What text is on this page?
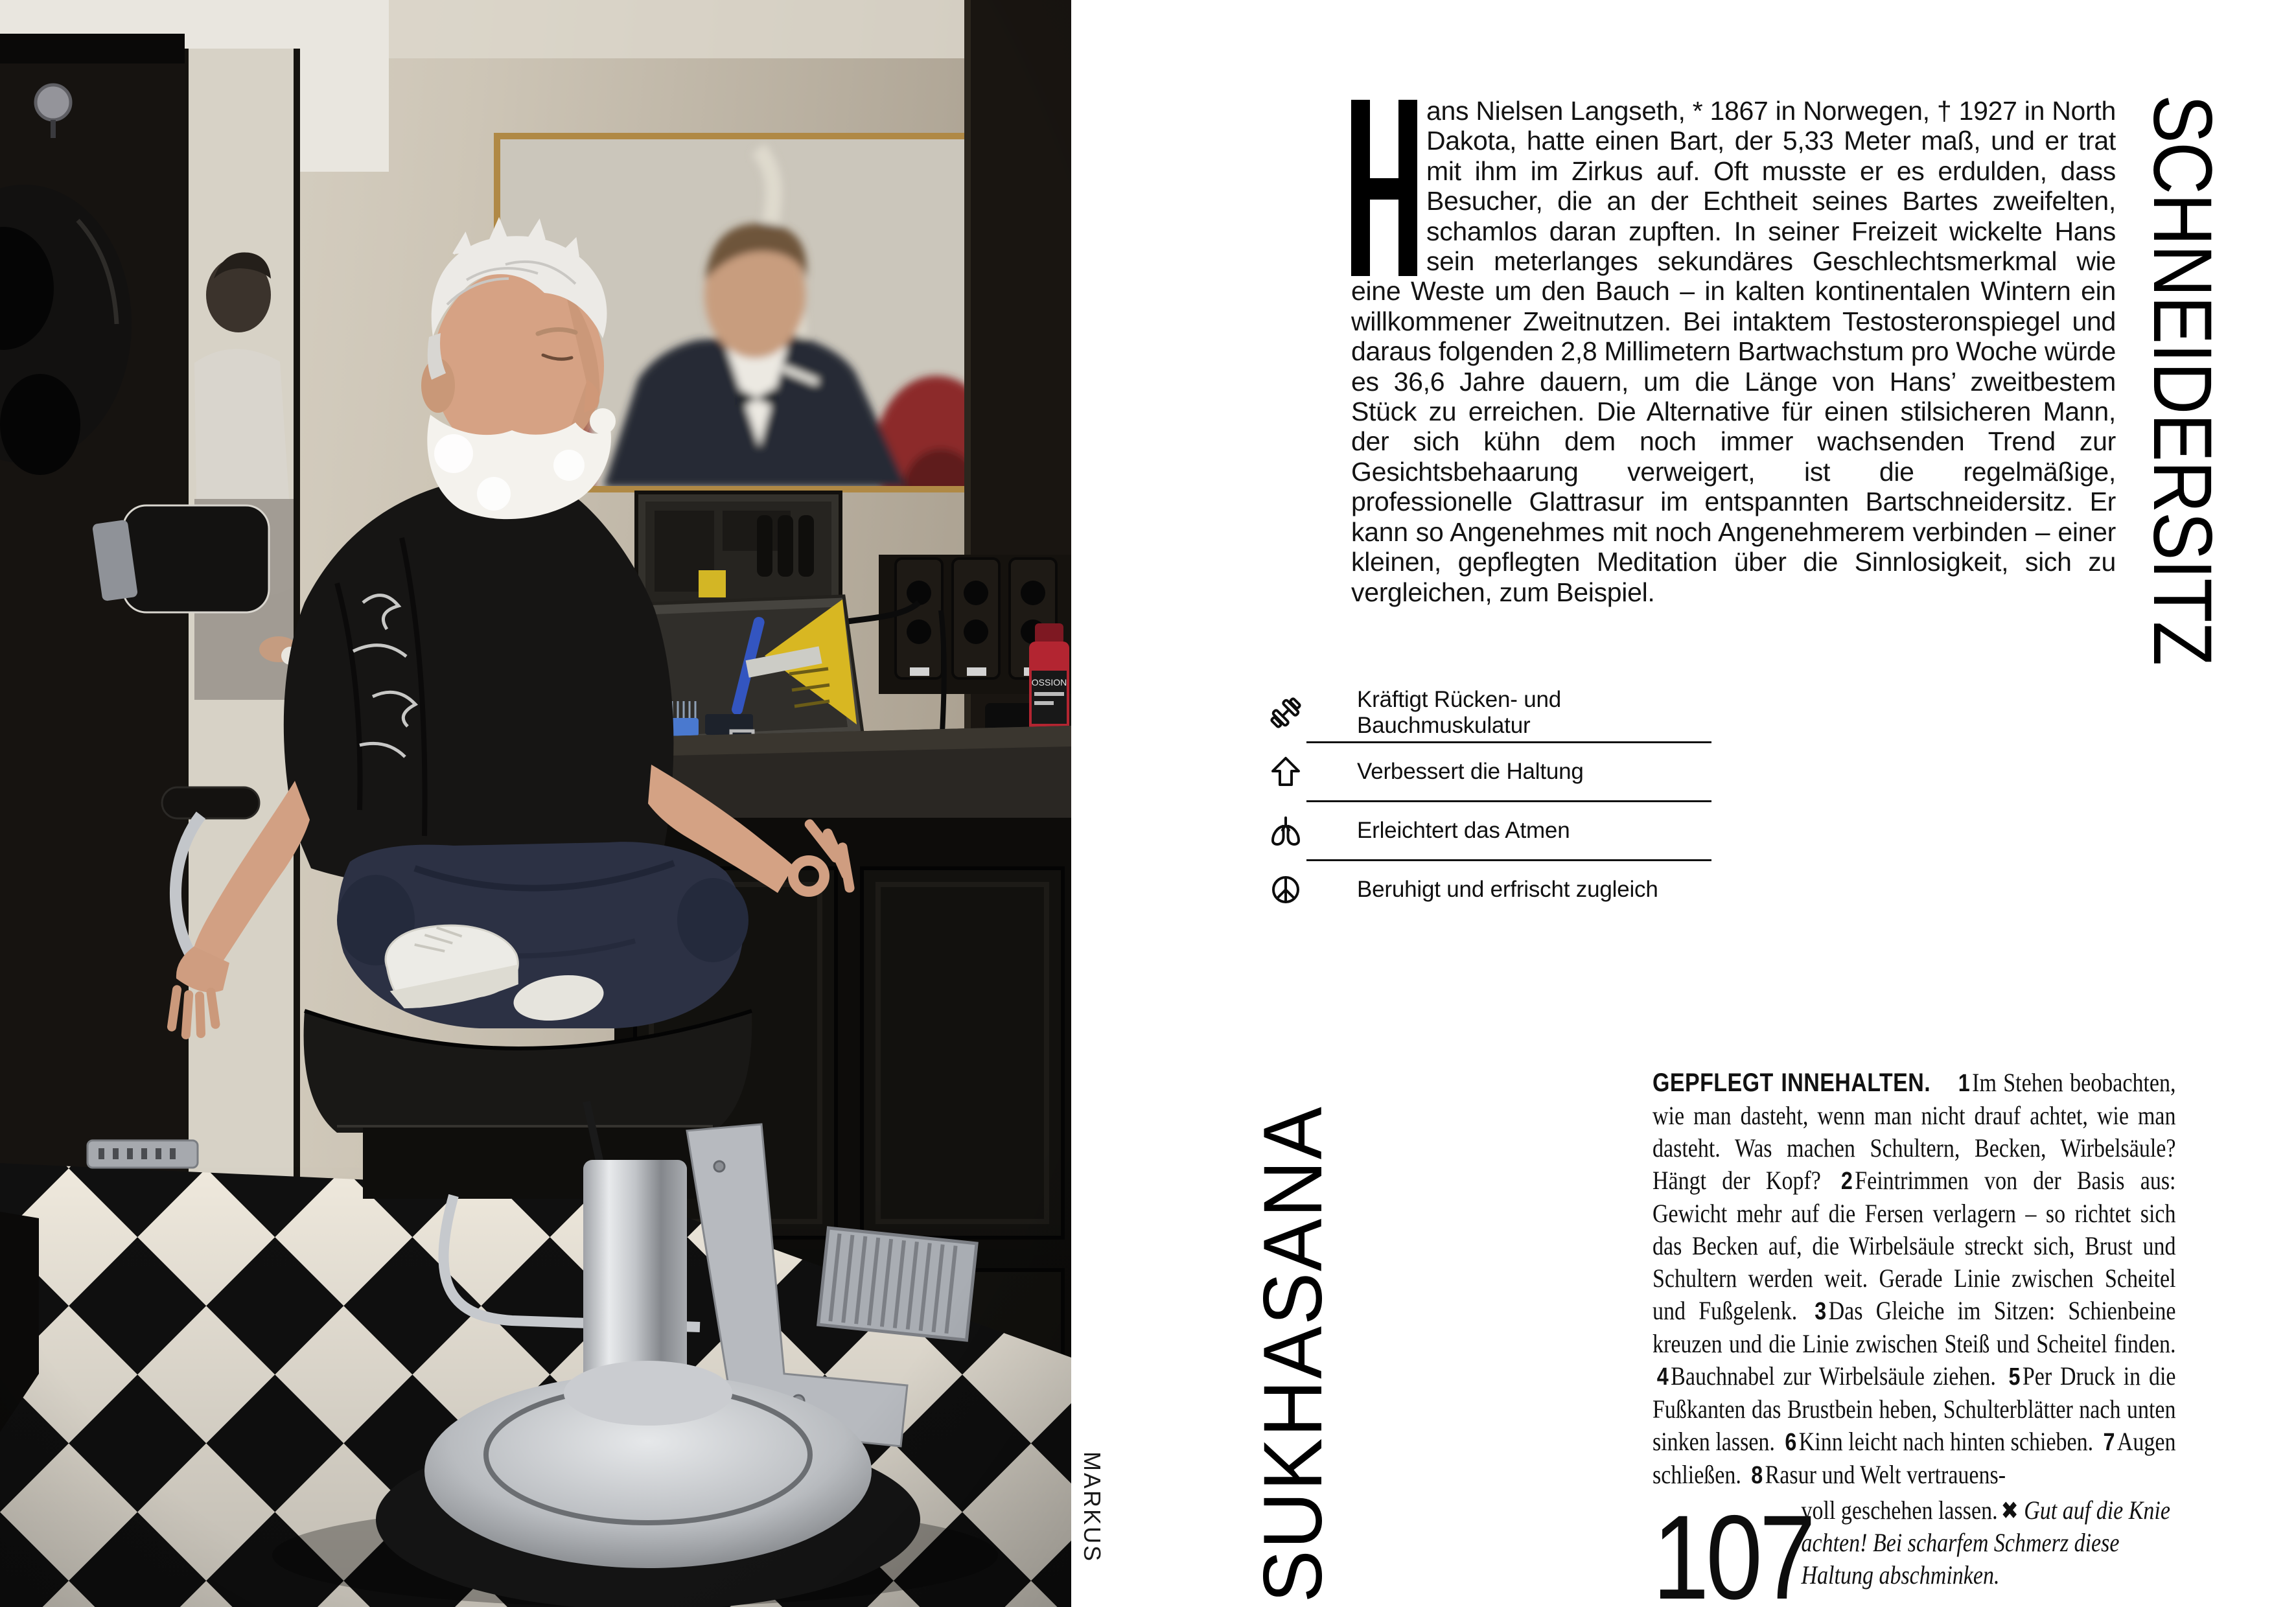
MARKUS
SCHNEIDERSITZ
ans Nielsen Langseth, * 1867 in Norwegen, † 1927 in North Dakota, hatte einen Bart, der 5,33 Meter maß, und er trat mit ihm im Zirkus auf. Oft musste er es erdulden, dass Besucher, die an der Echtheit seines Bartes zweifelten, schamlos daran zupften. In seiner Freizeit wickelte Hans sein meterlanges sekundäres Geschlechtsmerkmal wie eine Weste um den Bauch – in kalten kontinentalen Wintern ein willkommener Zweitnutzen. Bei intaktem Testosteronspiegel und daraus folgenden 2,8 Millimetern Bartwachstum pro Woche würde es 36,6 Jahre dauern, um die Länge von Hans’ zweitbestem Stück zu erreichen. Die Alternative für einen stilsicheren Mann, der sich kühn dem noch immer wachsenden Trend zur Gesichtsbehaarung verweigert, ist die regelmäßige, professionelle Glattrasur im entspannten Bartschneidersitz. Er kann so Angenehmes mit noch Angenehmerem verbinden – einer kleinen, gepflegten Meditation über die Sinnlosigkeit, sich zu vergleichen, zum Beispiel.
Kräftigt Rücken- und Bauchmuskulatur
Verbessert die Haltung
Erleichtert das Atmen
Beruhigt und erfrischt zugleich
SUKHASANA

GEPFLEGT INNEHALTEN. 1Im Stehen beobachten, wie man dasteht, wenn man nicht drauf achtet, wie man dasteht. Was machen Schultern, Becken, Wirbelsäule? Hängt der Kopf? 2Feintrimmen von der Basis aus: Gewicht mehr auf die Fersen verlagern – so richtet sich das Becken auf, die Wirbelsäule streckt sich, Brust und Schultern werden weit. Gerade Linie zwischen Scheitel und Fußgelenk. 3Das Gleiche im Sitzen: Schienbeine kreuzen und die Linie zwischen Steiß und Scheitel finden. 4Bauchnabel zur Wirbelsäule ziehen. 5Per Druck in die Fußkanten das Brustbein heben, Schulterblätter nach unten sinken lassen. 6Kinn leicht nach hinten schieben. 7Augen schließen. 8Rasur und Welt vertrauens-

107

voll geschehen lassen. ✖ Gut auf die Knie achten! Bei scharfem Schmerz diese Haltung abschminken.
